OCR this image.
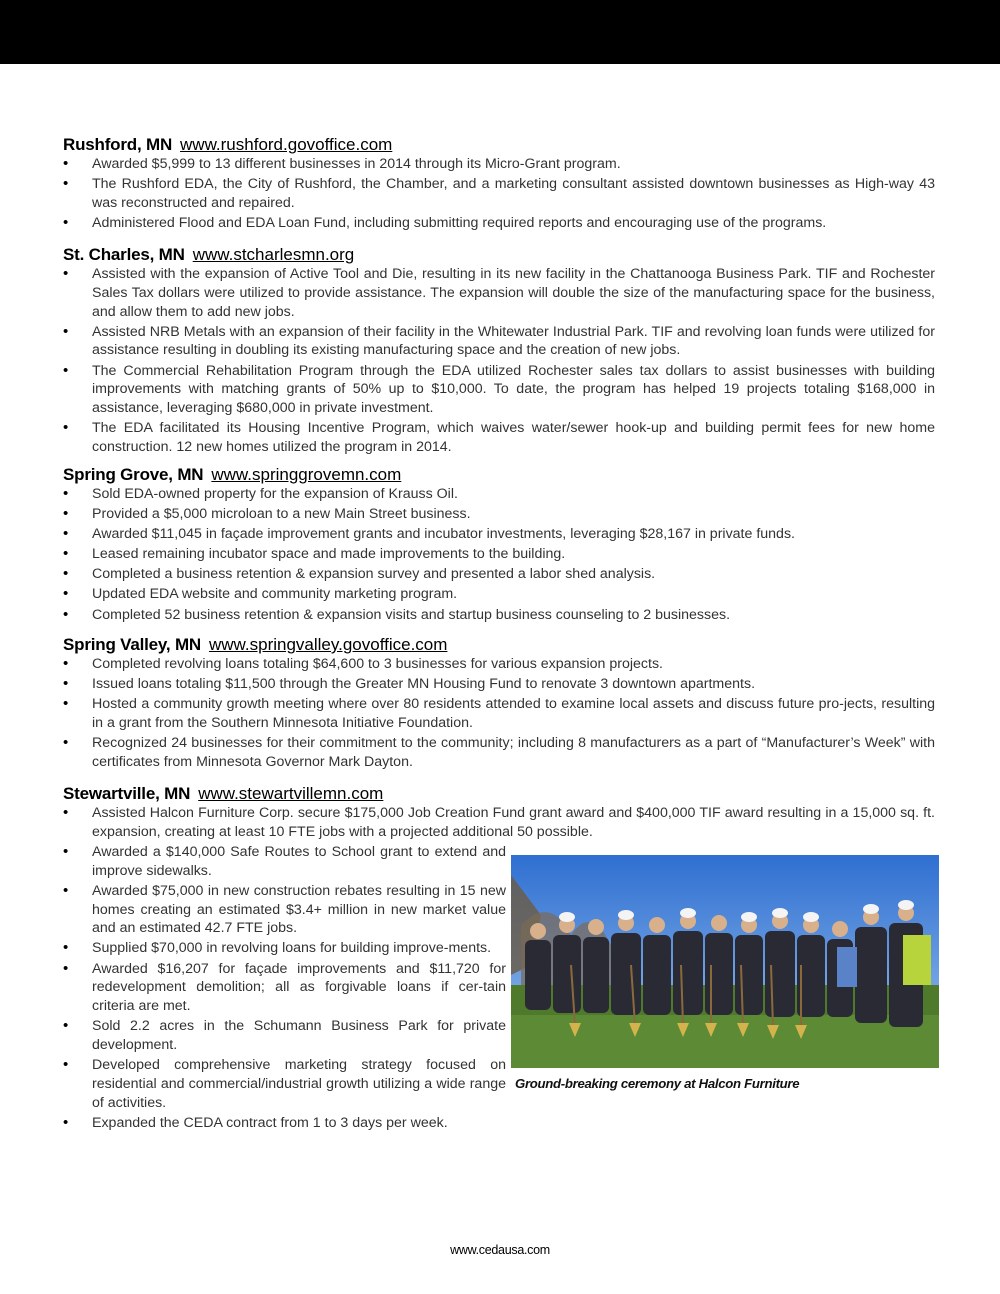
Rushford, MN www.rushford.govoffice.com
• Awarded $5,999 to 13 different businesses in 2014 through its Micro-Grant program.
• The Rushford EDA, the City of Rushford, the Chamber, and a marketing consultant assisted downtown businesses as High-way 43 was reconstructed and repaired.
• Administered Flood and EDA Loan Fund, including submitting required reports and encouraging use of the programs.
St. Charles, MN www.stcharlesmn.org
• Assisted with the expansion of Active Tool and Die, resulting in its new facility in the Chattanooga Business Park. TIF and Rochester Sales Tax dollars were utilized to provide assistance. The expansion will double the size of the manufacturing space for the business, and allow them to add new jobs.
• Assisted NRB Metals with an expansion of their facility in the Whitewater Industrial Park. TIF and revolving loan funds were utilized for assistance resulting in doubling its existing manufacturing space and the creation of new jobs.
• The Commercial Rehabilitation Program through the EDA utilized Rochester sales tax dollars to assist businesses with building improvements with matching grants of 50% up to $10,000. To date, the program has helped 19 projects totaling $168,000 in assistance, leveraging $680,000 in private investment.
• The EDA facilitated its Housing Incentive Program, which waives water/sewer hook-up and building permit fees for new home construction. 12 new homes utilized the program in 2014.
Spring Grove, MN www.springgrovemn.com
• Sold EDA-owned property for the expansion of Krauss Oil.
• Provided a $5,000 microloan to a new Main Street business.
• Awarded $11,045 in façade improvement grants and incubator investments, leveraging $28,167 in private funds.
• Leased remaining incubator space and made improvements to the building.
• Completed a business retention & expansion survey and presented a labor shed analysis.
• Updated EDA website and community marketing program.
• Completed 52 business retention & expansion visits and startup business counseling to 2 businesses.
Spring Valley, MN www.springvalley.govoffice.com
• Completed revolving loans totaling $64,600 to 3 businesses for various expansion projects.
• Issued loans totaling $11,500 through the Greater MN Housing Fund to renovate 3 downtown apartments.
• Hosted a community growth meeting where over 80 residents attended to examine local assets and discuss future pro-jects, resulting in a grant from the Southern Minnesota Initiative Foundation.
• Recognized 24 businesses for their commitment to the community; including 8 manufacturers as a part of “Manufacturer’s Week” with certificates from Minnesota Governor Mark Dayton.
Stewartville, MN www.stewartvillemn.com
• Assisted Halcon Furniture Corp. secure $175,000 Job Creation Fund grant award and $400,000 TIF award resulting in a 15,000 sq. ft. expansion, creating at least 10 FTE jobs with a projected additional 50 possible.
• Awarded a $140,000 Safe Routes to School grant to extend and improve sidewalks.
• Awarded $75,000 in new construction rebates resulting in 15 new homes creating an estimated $3.4+ million in new market value and an estimated 42.7 FTE jobs.
• Supplied $70,000 in revolving loans for building improve-ments.
• Awarded $16,207 for façade improvements and $11,720 for redevelopment demolition; all as forgivable loans if cer-tain criteria are met.
• Sold 2.2 acres in the Schumann Business Park for private development.
• Developed comprehensive marketing strategy focused on residential and commercial/industrial growth utilizing a wide range of activities.
• Expanded the CEDA contract from 1 to 3 days per week.
Ground-breaking ceremony at Halcon Furniture
www.cedausa.com
